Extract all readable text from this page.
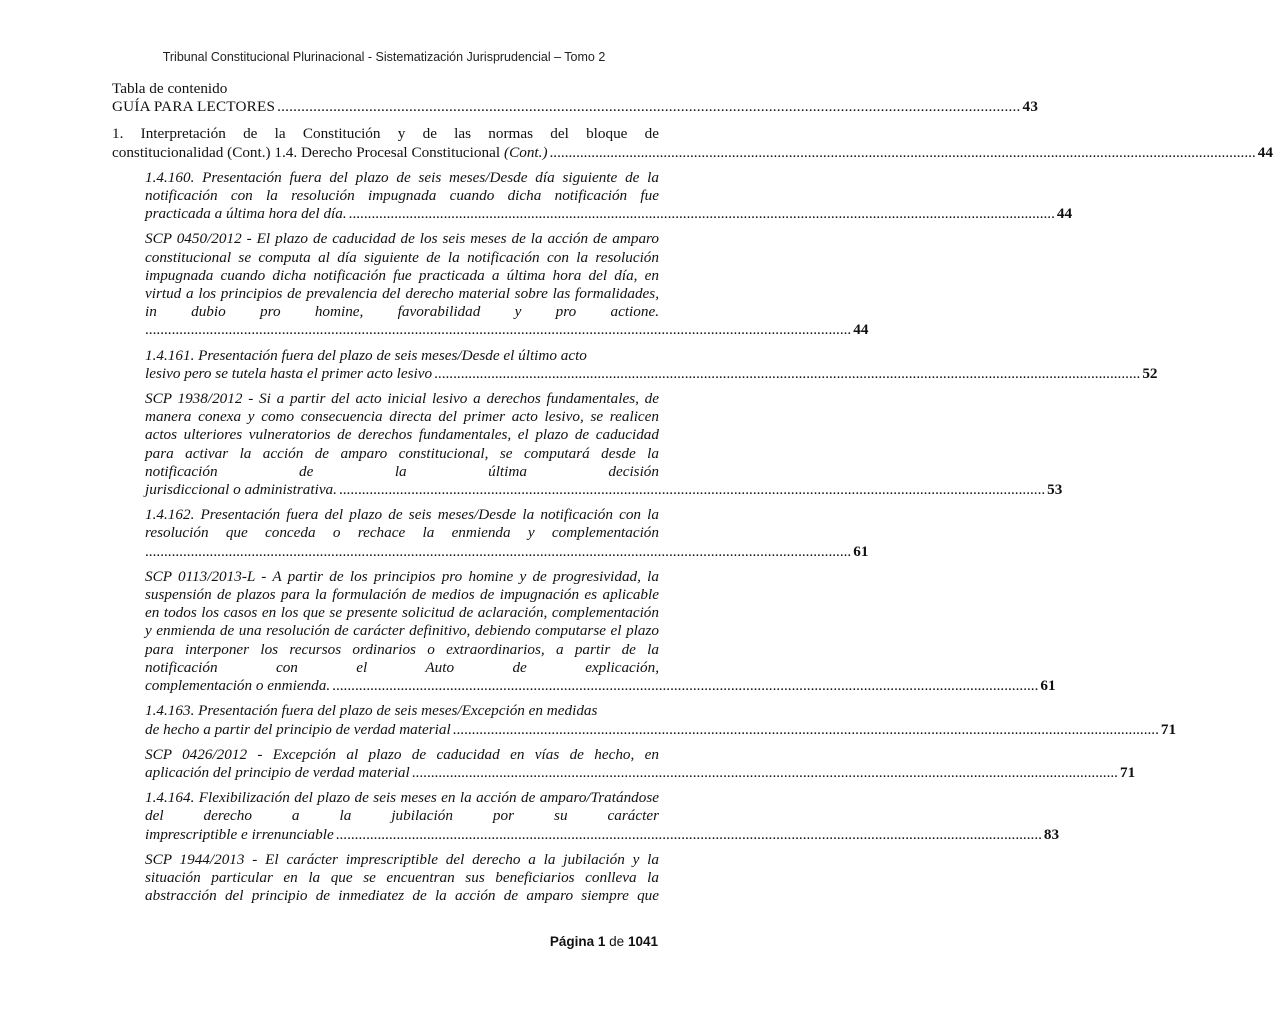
Tribunal Constitucional Plurinacional - Sistematización Jurisprudencial – Tomo 2
Tabla de contenido
GUÍA PARA LECTORES .......................................................................................................................................................................................... 43
1. Interpretación de la Constitución y de las normas del bloque de
constitucionalidad (Cont.) 1.4. Derecho Procesal Constitucional (Cont.) .......................................................................................................................................................................................... 44
1.4.160. Presentación fuera del plazo de seis meses/Desde día siguiente de la notificación con la resolución impugnada cuando dicha notificación fue
practicada a última hora del día. .......................................................................................................................................................................................... 44
SCP 0450/2012 - El plazo de caducidad de los seis meses de la acción de amparo constitucional se computa al día siguiente de la notificación con la resolución impugnada cuando dicha notificación fue practicada a última hora del día, en virtud a los principios de prevalencia del derecho material sobre las formalidades, in dubio pro homine, favorabilidad y pro actione.
.......................................................................................................................................................................................... 44
1.4.161. Presentación fuera del plazo de seis meses/Desde el último acto
lesivo pero se tutela hasta el primer acto lesivo .......................................................................................................................................................................................... 52
SCP 1938/2012 - Si a partir del acto inicial lesivo a derechos fundamentales, de manera conexa y como consecuencia directa del primer acto lesivo, se realicen actos ulteriores vulneratorios de derechos fundamentales, el plazo de caducidad para activar la acción de amparo constitucional, se computará desde la notificación de la última decisión
jurisdiccional o administrativa. .......................................................................................................................................................................................... 53
1.4.162. Presentación fuera del plazo de seis meses/Desde la notificación con la resolución que conceda o rechace la enmienda y complementación
.......................................................................................................................................................................................... 61
SCP 0113/2013-L - A partir de los principios pro homine y de progresividad, la suspensión de plazos para la formulación de medios de impugnación es aplicable en todos los casos en los que se presente solicitud de aclaración, complementación y enmienda de una resolución de carácter definitivo, debiendo computarse el plazo para interponer los recursos ordinarios o extraordinarios, a partir de la notificación con el Auto de explicación,
complementación o enmienda. .......................................................................................................................................................................................... 61
1.4.163. Presentación fuera del plazo de seis meses/Excepción en medidas
de hecho a partir del principio de verdad material .......................................................................................................................................................................................... 71
SCP 0426/2012 - Excepción al plazo de caducidad en vías de hecho, en
aplicación del principio de verdad material .......................................................................................................................................................................................... 71
1.4.164. Flexibilización del plazo de seis meses en la acción de amparo/Tratándose del derecho a la jubilación por su carácter
imprescriptible e irrenunciable .......................................................................................................................................................................................... 83
SCP 1944/2013 - El carácter imprescriptible del derecho a la jubilación y la situación particular en la que se encuentran sus beneficiarios conlleva la abstracción del principio de inmediatez de la acción de amparo siempre que
Página 1 de 1041
